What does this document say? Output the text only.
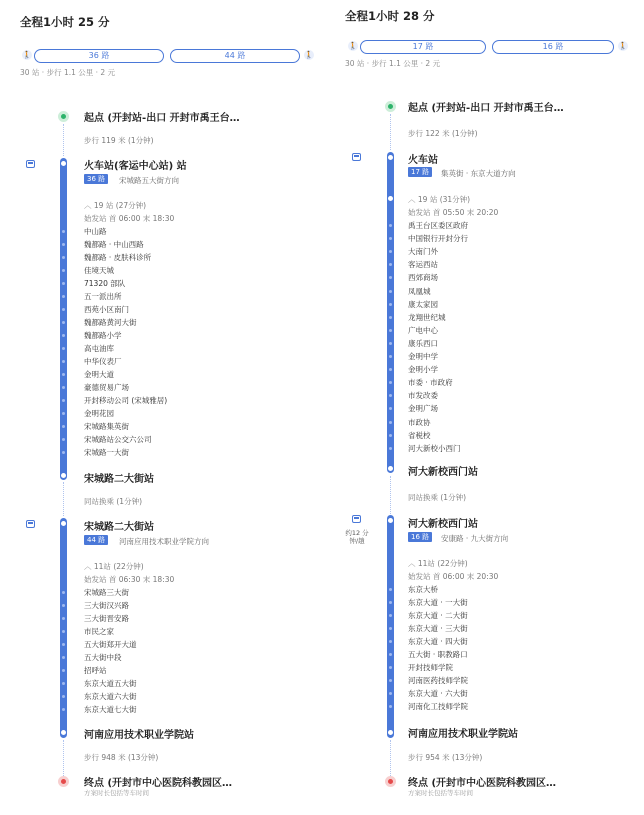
全程1小时 25 分
🚶	36 路	44 路	🚶
30 站 · 步行 1.1 公里 · 2 元
起点 (开封站-出口 开封市禹王台…
步行 119 米 (1分钟)
火车站(客运中心站) 站
36 路	宋城路五大街方向
︿ 19 站 (27分钟)
始发站 首 06:00 末 18:30
中山路
魏都路 · 中山西路
魏都路 · 皮肤科诊所
佳境天城
71320 部队
五一派出所
西苑小区南门
魏都路黄河大街
魏都路小学
高屯油库
中华仪表厂
金明大道
豪德贸易广场
开封移动公司 (宋城雅居)
金明花园
宋城路集英街
宋城路站公交六公司
宋城路一大街
宋城路二大街站
同站换乘 (1分钟)
宋城路二大街站
44 路	河南应用技术职业学院方向
︿ 11站 (22分钟)
始发站 首 06:30 末 18:30
宋城路三大街
三大街汉兴路
三大街晋安路
市民之家
五大街郑开大道
五大街中段
招呼站
东京大道五大街
东京大道六大街
东京大道七大街
河南应用技术职业学院站
步行 948 米 (13分钟)
终点 (开封市中心医院科教园区…
方案时长包括等车时间
全程1小时 28 分
🚶	17 路	16 路	🚶
30 站 · 步行 1.1 公里 · 2 元
起点 (开封站-出口 开封市禹王台…
步行 122 米 (1分钟)
火车站
17 路	集英街 · 东京大道方向
︿ 19 站 (31分钟)
始发站 首 05:50 末 20:20
禹王台区委区政府
中国银行开封分行
大南门外
客运西站
西郊商场
凤凰城
康太家园
龙翔世纪城
广电中心
康乐西口
金明中学
金明小学
市委 · 市政府
市发改委
金明广场
市政协
省税校
河大新校小西门
河大新校西门站
同站换乘 (1分钟)
约12 分
钟/趟
河大新校西门站
16 路	安康路 · 九大街方向
︿ 11站 (22分钟)
始发站 首 06:00 末 20:30
东京大桥
东京大道 · 一大街
东京大道 · 二大街
东京大道 · 三大街
东京大道 · 四大街
五大街 · 职教路口
开封技师学院
河南医药技师学院
东京大道 · 六大街
河南化工技师学院
河南应用技术职业学院站
步行 954 米 (13分钟)
终点 (开封市中心医院科教园区…
方案时长包括等车时间
